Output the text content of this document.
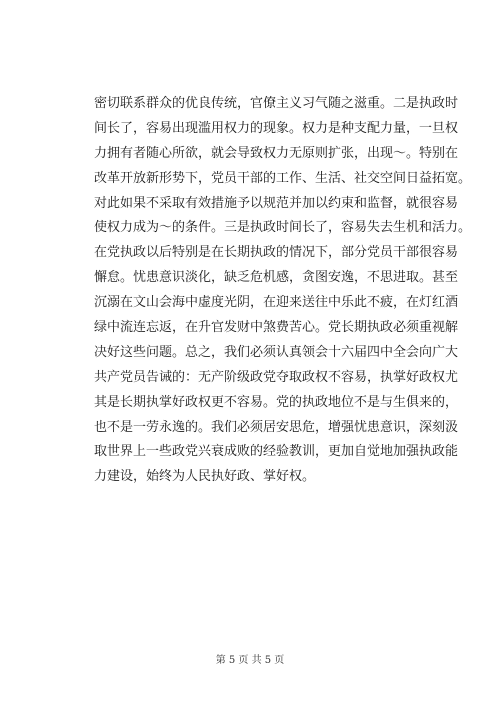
密切联系群众的优良传统，官僚主义习气随之滋重。二是执政时
间长了，容易出现滥用权力的现象。权力是种支配力量，一旦权
力拥有者随心所欲，就会导致权力无原则扩张，出现～。特别在
改革开放新形势下，党员干部的工作、生活、社交空间日益拓宽。
对此如果不采取有效措施予以规范并加以约束和监督，就很容易
使权力成为～的条件。三是执政时间长了，容易失去生机和活力。
在党执政以后特别是在长期执政的情况下，部分党员干部很容易
懈怠。忧患意识淡化，缺乏危机感，贪图安逸，不思进取。甚至
沉溺在文山会海中虚度光阴，在迎来送往中乐此不疲，在灯红酒
绿中流连忘返，在升官发财中煞费苦心。党长期执政必须重视解
决好这些问题。总之，我们必须认真领会十六届四中全会向广大
共产党员告诫的：无产阶级政党夺取政权不容易，执掌好政权尤
其是长期执掌好政权更不容易。党的执政地位不是与生俱来的，
也不是一劳永逸的。我们必须居安思危，增强忧患意识，深刻汲
取世界上一些政党兴衰成败的经验教训，更加自觉地加强执政能
力建设，始终为人民执好政、掌好权。
第 5 页 共 5 页
